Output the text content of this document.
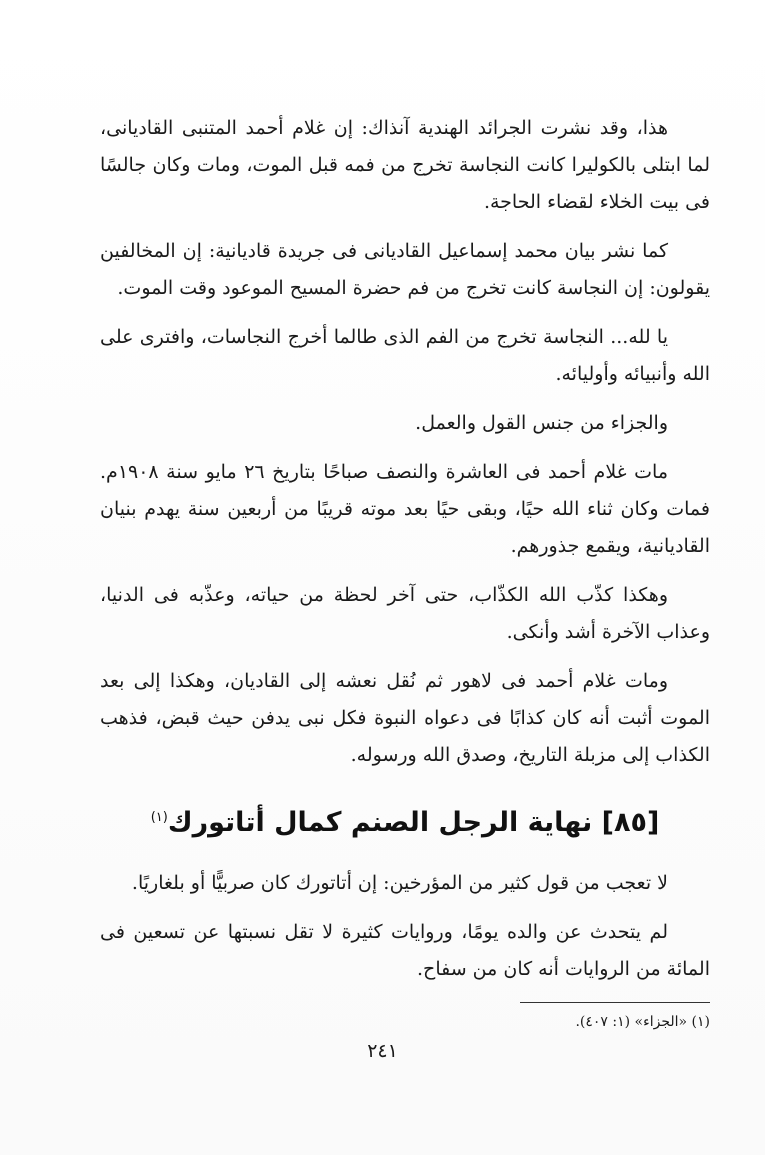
هذا، وقد نشرت الجرائد الهندية آنذاك: إن غلام أحمد المتنبى القاديانى، لما ابتلى بالكوليرا كانت النجاسة تخرج من فمه قبل الموت، ومات وكان جالسًا فى بيت الخلاء لقضاء الحاجة.

كما نشر بيان محمد إسماعيل القاديانى فى جريدة قاديانية: إن المخالفين يقولون: إن النجاسة كانت تخرج من فم حضرة المسيح الموعود وقت الموت.

يا لله... النجاسة تخرج من الفم الذى طالما أخرج النجاسات، وافترى على الله وأنبيائه وأوليائه.

والجزاء من جنس القول والعمل.

مات غلام أحمد فى العاشرة والنصف صباحًا بتاريخ ٢٦ مايو سنة ١٩٠٨م. فمات وكان ثناء الله حيًا، وبقى حيًا بعد موته قريبًا من أربعين سنة يهدم بنيان القاديانية، ويقمع جذورهم.

وهكذا كذّب الله الكذّاب، حتى آخر لحظة من حياته، وعذّبه فى الدنيا، وعذاب الآخرة أشد وأنكى.

ومات غلام أحمد فى لاهور ثم نُقل نعشه إلى القاديان، وهكذا إلى بعد الموت أثبت أنه كان كذابًا فى دعواه النبوة فكل نبى يدفن حيث قبض، فذهب الكذاب إلى مزبلة التاريخ، وصدق الله ورسوله.

[٨٥] نهاية الرجل الصنم كمال أتاتورك$^{(١)}$

لا تعجب من قول كثير من المؤرخين: إن أتاتورك كان صربيًّا أو بلغاريًا.

لم يتحدث عن والده يومًا، وروايات كثيرة لا تقل نسبتها عن تسعين فى المائة من الروايات أنه كان من سفاح.

(١) «الجزاء» (١: ٤٠٧).

٢٤١
